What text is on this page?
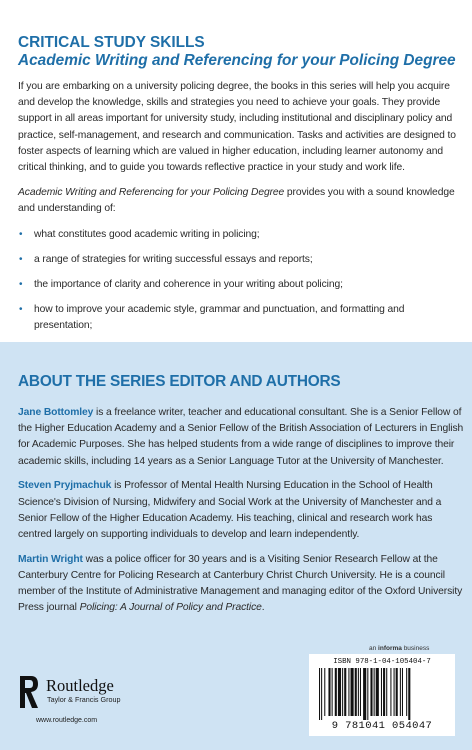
CRITICAL STUDY SKILLS
Academic Writing and Referencing for your Policing Degree

If you are embarking on a university policing degree, the books in this series will help you acquire and develop the knowledge, skills and strategies you need to achieve your goals. They provide support in all areas important for university study, including institutional and disciplinary policy and practice, self-management, and research and communication. Tasks and activities are designed to foster aspects of learning which are valued in higher education, including learner autonomy and critical thinking, and to guide you towards reflective practice in your study and work life.

Academic Writing and Referencing for your Policing Degree provides you with a sound knowledge and understanding of:

• what constitutes good academic writing in policing;
• a range of strategies for writing successful essays and reports;
• the importance of clarity and coherence in your writing about policing;
• how to improve your academic style, grammar and punctuation, and formatting and presentation;
ABOUT THE SERIES EDITOR AND AUTHORS

Jane Bottomley is a freelance writer, teacher and educational consultant. She is a Senior Fellow of the Higher Education Academy and a Senior Fellow of the British Association of Lecturers in English for Academic Purposes. She has helped students from a wide range of disciplines to improve their academic skills, including 14 years as a Senior Language Tutor at the University of Manchester.

Steven Pryjmachuk is Professor of Mental Health Nursing Education in the School of Health Science's Division of Nursing, Midwifery and Social Work at the University of Manchester and a Senior Fellow of the Higher Education Academy. His teaching, clinical and research work has centred largely on supporting individuals to develop and learn independently.

Martin Wright was a police officer for 30 years and is a Visiting Senior Research Fellow at the Canterbury Centre for Policing Research at Canterbury Christ Church University. He is a council member of the Institute of Administrative Management and managing editor of the Oxford University Press journal Policing: A Journal of Policy and Practice.

an informa business
ISBN 978-1-04-105404-7
9 781041 054047
Routledge
Taylor & Francis Group
www.routledge.com
